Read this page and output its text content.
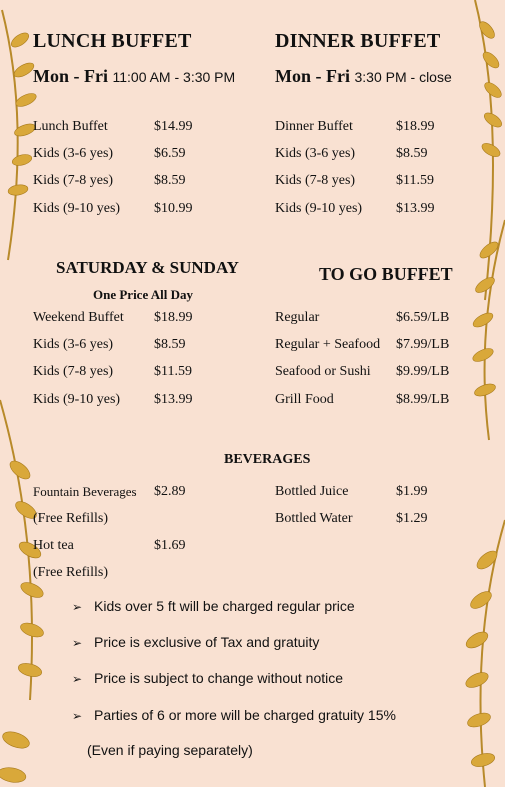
LUNCH BUFFET
Mon - Fri 11:00 AM - 3:30 PM
DINNER BUFFET
Mon - Fri 3:30 PM - close
Lunch Buffet	$14.99
Kids (3-6 yes)	$6.59
Kids (7-8 yes)	$8.59
Kids (9-10 yes) $10.99
Dinner Buffet	$18.99
Kids (3-6 yes)	$8.59
Kids (7-8 yes)	$11.59
Kids (9-10 yes) $13.99
SATURDAY & SUNDAY
One Price All Day
TO GO BUFFET
Weekend Buffet $18.99
Kids (3-6 yes)	$8.59
Kids (7-8 yes)	$11.59
Kids (9-10 yes) $13.99
Regular	$6.59/LB
Regular + Seafood $7.99/LB
Seafood or Sushi $9.99/LB
Grill Food	$8.99/LB
BEVERAGES
Fountain Beverages $2.89
(Free Refills)
Hot tea	$1.69
(Free Refills)
Bottled Juice	$1.99
Bottled Water	$1.29
➢ Kids over 5 ft will be charged regular price
➢ Price is exclusive of Tax and gratuity
➢ Price is subject to change without notice
➢ Parties of 6 or more will be charged gratuity 15%
(Even if paying separately)
